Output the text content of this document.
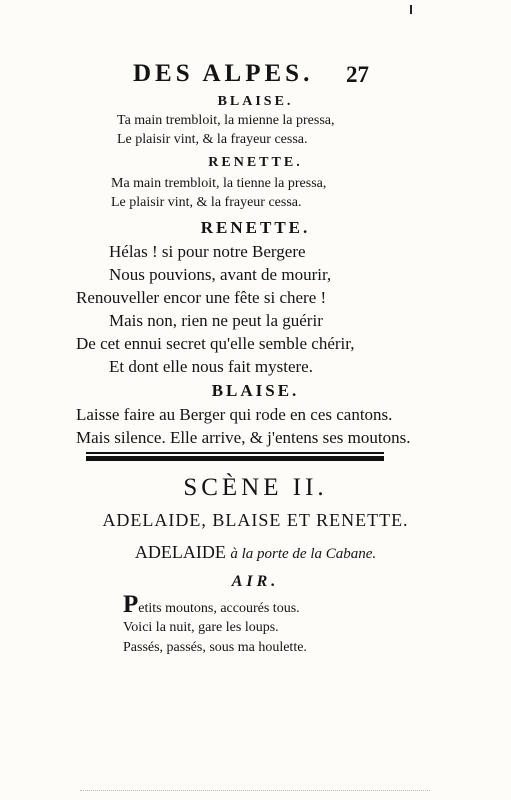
DES ALPES. 27
BLAISE.
Ta main trembloit, la mienne la pressa,
Le plaisir vint, & la frayeur cessa.
RENETTE.
Ma main trembloit, la tienne la pressa,
Le plaisir vint, & la frayeur cessa.
RENETTE.
Hélas ! si pour notre Bergere
Nous pouvions, avant de mourir,
Renouveller encor une fête si chere !
Mais non, rien ne peut la guérir
De cet ennui secret qu'elle semble chérir,
Et dont elle nous fait mystere.
BLAISE.
Laisse faire au Berger qui rode en ces cantons.
Mais silence. Elle arrive, & j'entens ses moutons.
SCÈNE II.
ADELAIDE, BLAISE ET RENETTE.
ADELAIDE à la porte de la Cabane.
AIR.
Petits moutons, accourés tous.
Voici la nuit, gare les loups.
Passés, passés, sous ma houlette.
